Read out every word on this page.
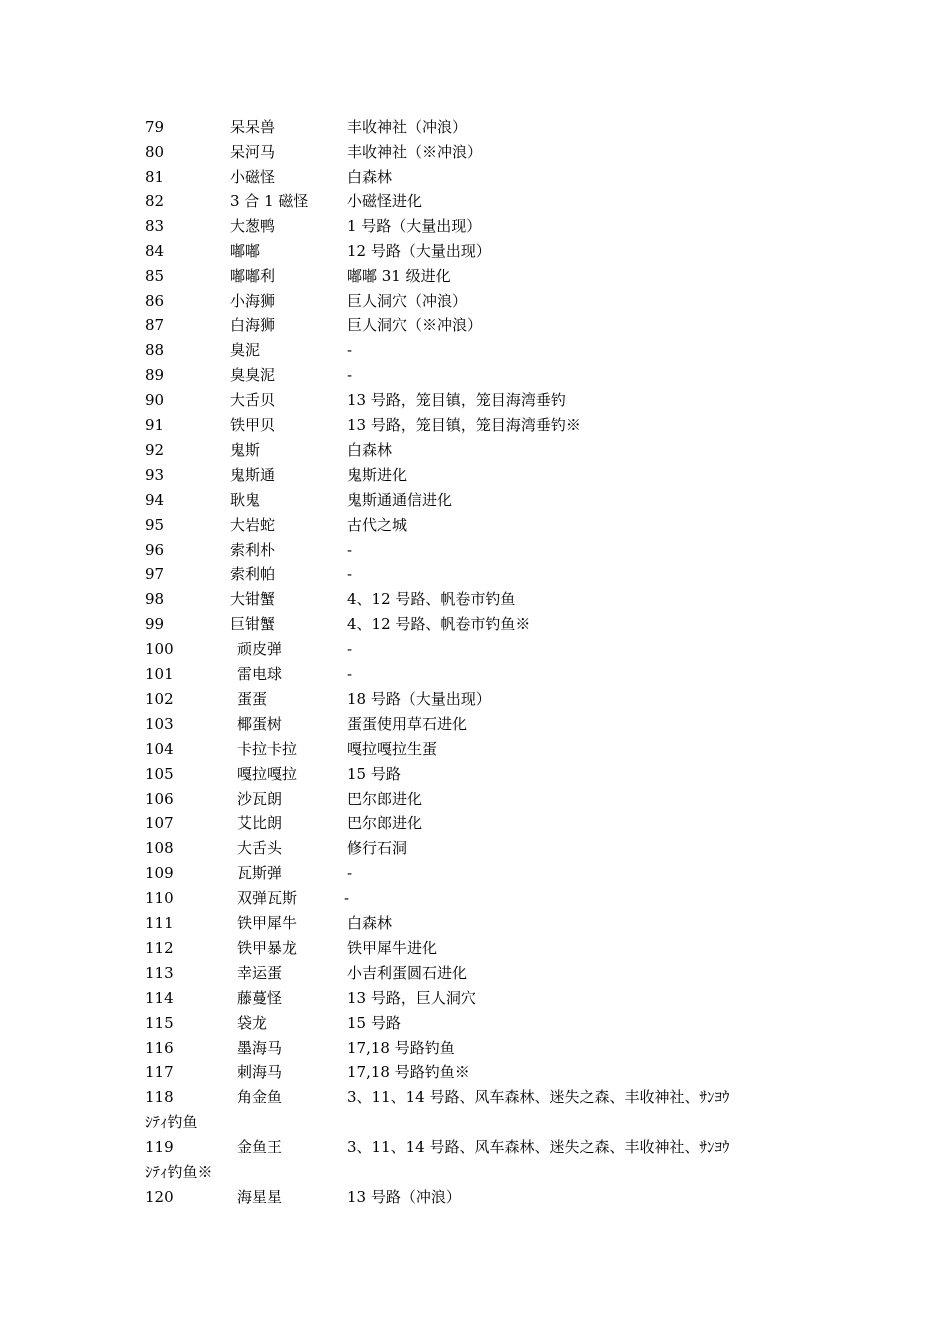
79	呆呆兽	丰收神社（冲浪）
80	呆河马	丰收神社（※冲浪）
81	小磁怪	白森林
82	3 合 1 磁怪	小磁怪进化
83	大葱鸭	1 号路（大量出现）
84	嘟嘟	12 号路（大量出现）
85	嘟嘟利	嘟嘟 31 级进化
86	小海狮	巨人洞穴（冲浪）
87	白海狮	巨人洞穴（※冲浪）
88	臭泥	-
89	臭臭泥	-
90	大舌贝	13 号路，笼目镇，笼目海湾垂钓
91	铁甲贝	13 号路，笼目镇，笼目海湾垂钓※
92	鬼斯	白森林
93	鬼斯通	鬼斯进化
94	耿鬼	鬼斯通通信进化
95	大岩蛇	古代之城
96	索利朴	-
97	索利帕	-
98	大钳蟹	4、12 号路、帆卷市钓鱼
99	巨钳蟹	4、12 号路、帆卷市钓鱼※
100	顽皮弹	-
101	雷电球	-
102	蛋蛋	18 号路（大量出现）
103	椰蛋树	蛋蛋使用草石进化
104	卡拉卡拉	嘎拉嘎拉生蛋
105	嘎拉嘎拉	15 号路
106	沙瓦朗	巴尔郎进化
107	艾比朗	巴尔郎进化
108	大舌头	修行石洞
109	瓦斯弹	-
110	双弹瓦斯	-
111	铁甲犀牛	白森林
112	铁甲暴龙	铁甲犀牛进化
113	幸运蛋	小吉利蛋圆石进化
114	藤蔓怪	13 号路，巨人洞穴
115	袋龙	15 号路
116	墨海马	17,18 号路钓鱼
117	刺海马	17,18 号路钓鱼※
118	角金鱼	3、11、14 号路、风车森林、迷失之森、丰收神社、ｻﾝﾖｳ
ｼﾃｨ钓鱼
119	金鱼王	3、11、14 号路、风车森林、迷失之森、丰收神社、ｻﾝﾖｳ
ｼﾃｨ钓鱼※
120	海星星	13 号路（冲浪）
